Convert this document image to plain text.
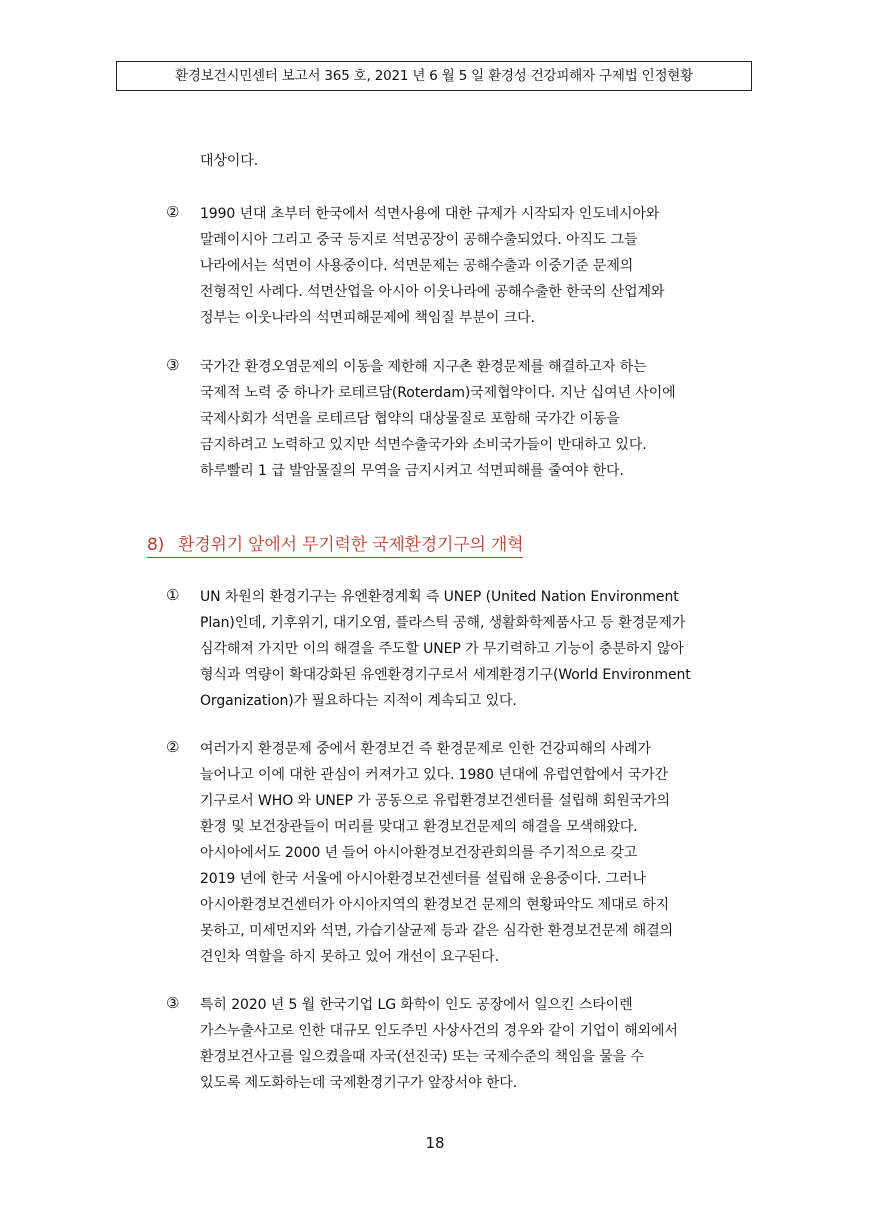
환경보건시민센터 보고서 365 호, 2021 년 6 월 5 일 환경성 건강피해자 구제법 인정현황
대상이다.
② 1990 년대 초부터 한국에서 석면사용에 대한 규제가 시작되자 인도네시아와
말레이시아 그리고 중국 등지로 석면공장이 공해수출되었다. 아직도 그들
나라에서는 석면이 사용중이다. 석면문제는 공해수출과 이중기준 문제의
전형적인 사례다. 석면산업을 아시아 이웃나라에 공해수출한 한국의 산업계와
정부는 이웃나라의 석면피해문제에 책임질 부분이 크다.
③ 국가간 환경오염문제의 이동을 제한해 지구촌 환경문제를 해결하고자 하는
국제적 노력 중 하나가 로테르담(Roterdam)국제협약이다. 지난 십여년 사이에
국제사회가 석면을 로테르담 협약의 대상물질로 포함해 국가간 이동을
금지하려고 노력하고 있지만 석면수출국가와 소비국가들이 반대하고 있다.
하루빨리 1 급 발암물질의 무역을 금지시켜고 석면피해를 줄여야 한다.
8) 환경위기 앞에서 무기력한 국제환경기구의 개혁
① UN 차원의 환경기구는 유엔환경계획 즉 UNEP (United Nation Environment
Plan)인데, 기후위기, 대기오염, 플라스틱 공해, 생활화학제품사고 등 환경문제가
심각해져 가지만 이의 해결을 주도할 UNEP 가 무기력하고 기능이 충분하지 않아
형식과 역량이 확대강화된 유엔환경기구로서 세계환경기구(World Environment
Organization)가 필요하다는 지적이 계속되고 있다.
② 여러가지 환경문제 중에서 환경보건 즉 환경문제로 인한 건강피해의 사례가
늘어나고 이에 대한 관심이 커져가고 있다. 1980 년대에 유럽연합에서 국가간
기구로서 WHO 와 UNEP 가 공동으로 유럽환경보건센터를 설립해 회원국가의
환경 및 보건장관들이 머리를 맞대고 환경보건문제의 해결을 모색해왔다.
아시아에서도 2000 년 들어 아시아환경보건장관회의를 주기적으로 갖고
2019 년에 한국 서울에 아시아환경보건센터를 설립해 운용중이다. 그러나
아시아환경보건센터가 아시아지역의 환경보건 문제의 현황파악도 제대로 하지
못하고, 미세먼지와 석면, 가습기살균제 등과 같은 심각한 환경보건문제 해결의
견인차 역할을 하지 못하고 있어 개선이 요구된다.
③ 특히 2020 년 5 월 한국기업 LG 화학이 인도 공장에서 일으킨 스타이렌
가스누출사고로 인한 대규모 인도주민 사상사건의 경우와 같이 기업이 해외에서
환경보건사고를 일으켰을때 자국(선진국) 또는 국제수준의 책임을 물을 수
있도록 제도화하는데 국제환경기구가 앞장서야 한다.
18
